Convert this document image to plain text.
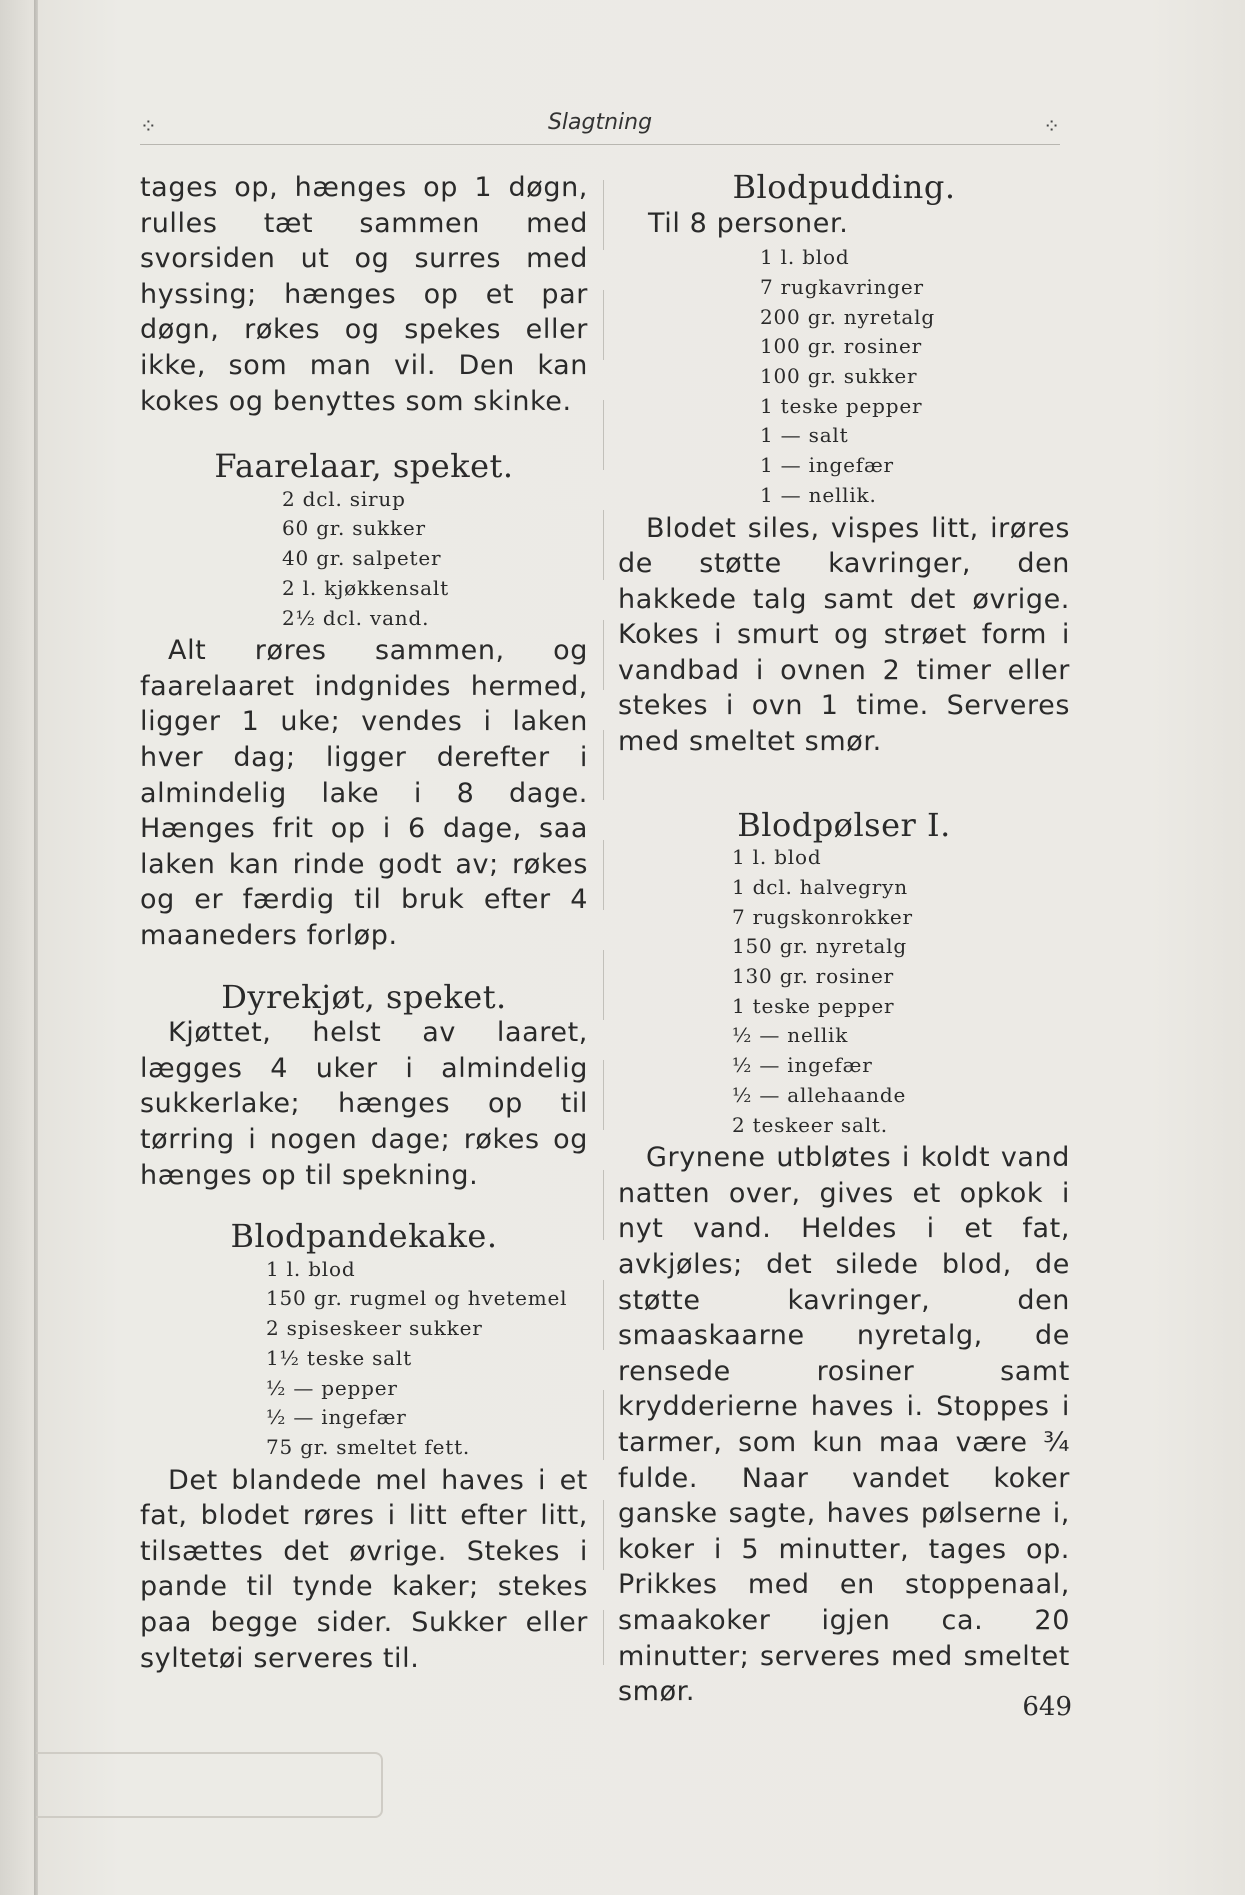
⁘	Slagtning	⁘

tages op, hænges op 1 døgn, rulles tæt sammen med svorsiden ut og surres med hyssing; hænges op et par døgn, røkes og spekes eller ikke, som man vil. Den kan kokes og benyttes som skinke.

Faarelaar, speket.
2 dcl. sirup
60 gr. sukker
40 gr. salpeter
2 l. kjøkkensalt
2½ dcl. vand.

Alt røres sammen, og faarelaaret indgnides hermed, ligger 1 uke; vendes i laken hver dag; ligger derefter i almindelig lake i 8 dage. Hænges frit op i 6 dage, saa laken kan rinde godt av; røkes og er færdig til bruk efter 4 maaneders forløp.

Dyrekjøt, speket.

Kjøttet, helst av laaret, lægges 4 uker i almindelig sukkerlake; hænges op til tørring i nogen dage; røkes og hænges op til spekning.

Blodpandekake.
1 l. blod
150 gr. rugmel og hvetemel
2 spiseskeer sukker
1½ teske salt
½ — pepper
½ — ingefær
75 gr. smeltet fett.

Det blandede mel haves i et fat, blodet røres i litt efter litt, tilsættes det øvrige. Stekes i pande til tynde kaker; stekes paa begge sider. Sukker eller syltetøi serveres til.

Blodpudding.
Til 8 personer.
1 l. blod
7 rugkavringer
200 gr. nyretalg
100 gr. rosiner
100 gr. sukker
1 teske pepper
1 — salt
1 — ingefær
1 — nellik.

Blodet siles, vispes litt, irøres de støtte kavringer, den hakkede talg samt det øvrige. Kokes i smurt og strøet form i vandbad i ovnen 2 timer eller stekes i ovn 1 time. Serveres med smeltet smør.

Blodpølser I.
1 l. blod
1 dcl. halvegryn
7 rugskonrokker
150 gr. nyretalg
130 gr. rosiner
1 teske pepper
½ — nellik
½ — ingefær
½ — allehaande
2 teskeer salt.

Grynene utbløtes i koldt vand natten over, gives et opkok i nyt vand. Heldes i et fat, avkjøles; det silede blod, de støtte kavringer, den smaaskaarne nyretalg, de rensede rosiner samt krydderierne haves i. Stoppes i tarmer, som kun maa være ¾ fulde. Naar vandet koker ganske sagte, haves pølserne i, koker i 5 minutter, tages op. Prikkes med en stoppenaal, smaakoker igjen ca. 20 minutter; serveres med smeltet smør.	649
